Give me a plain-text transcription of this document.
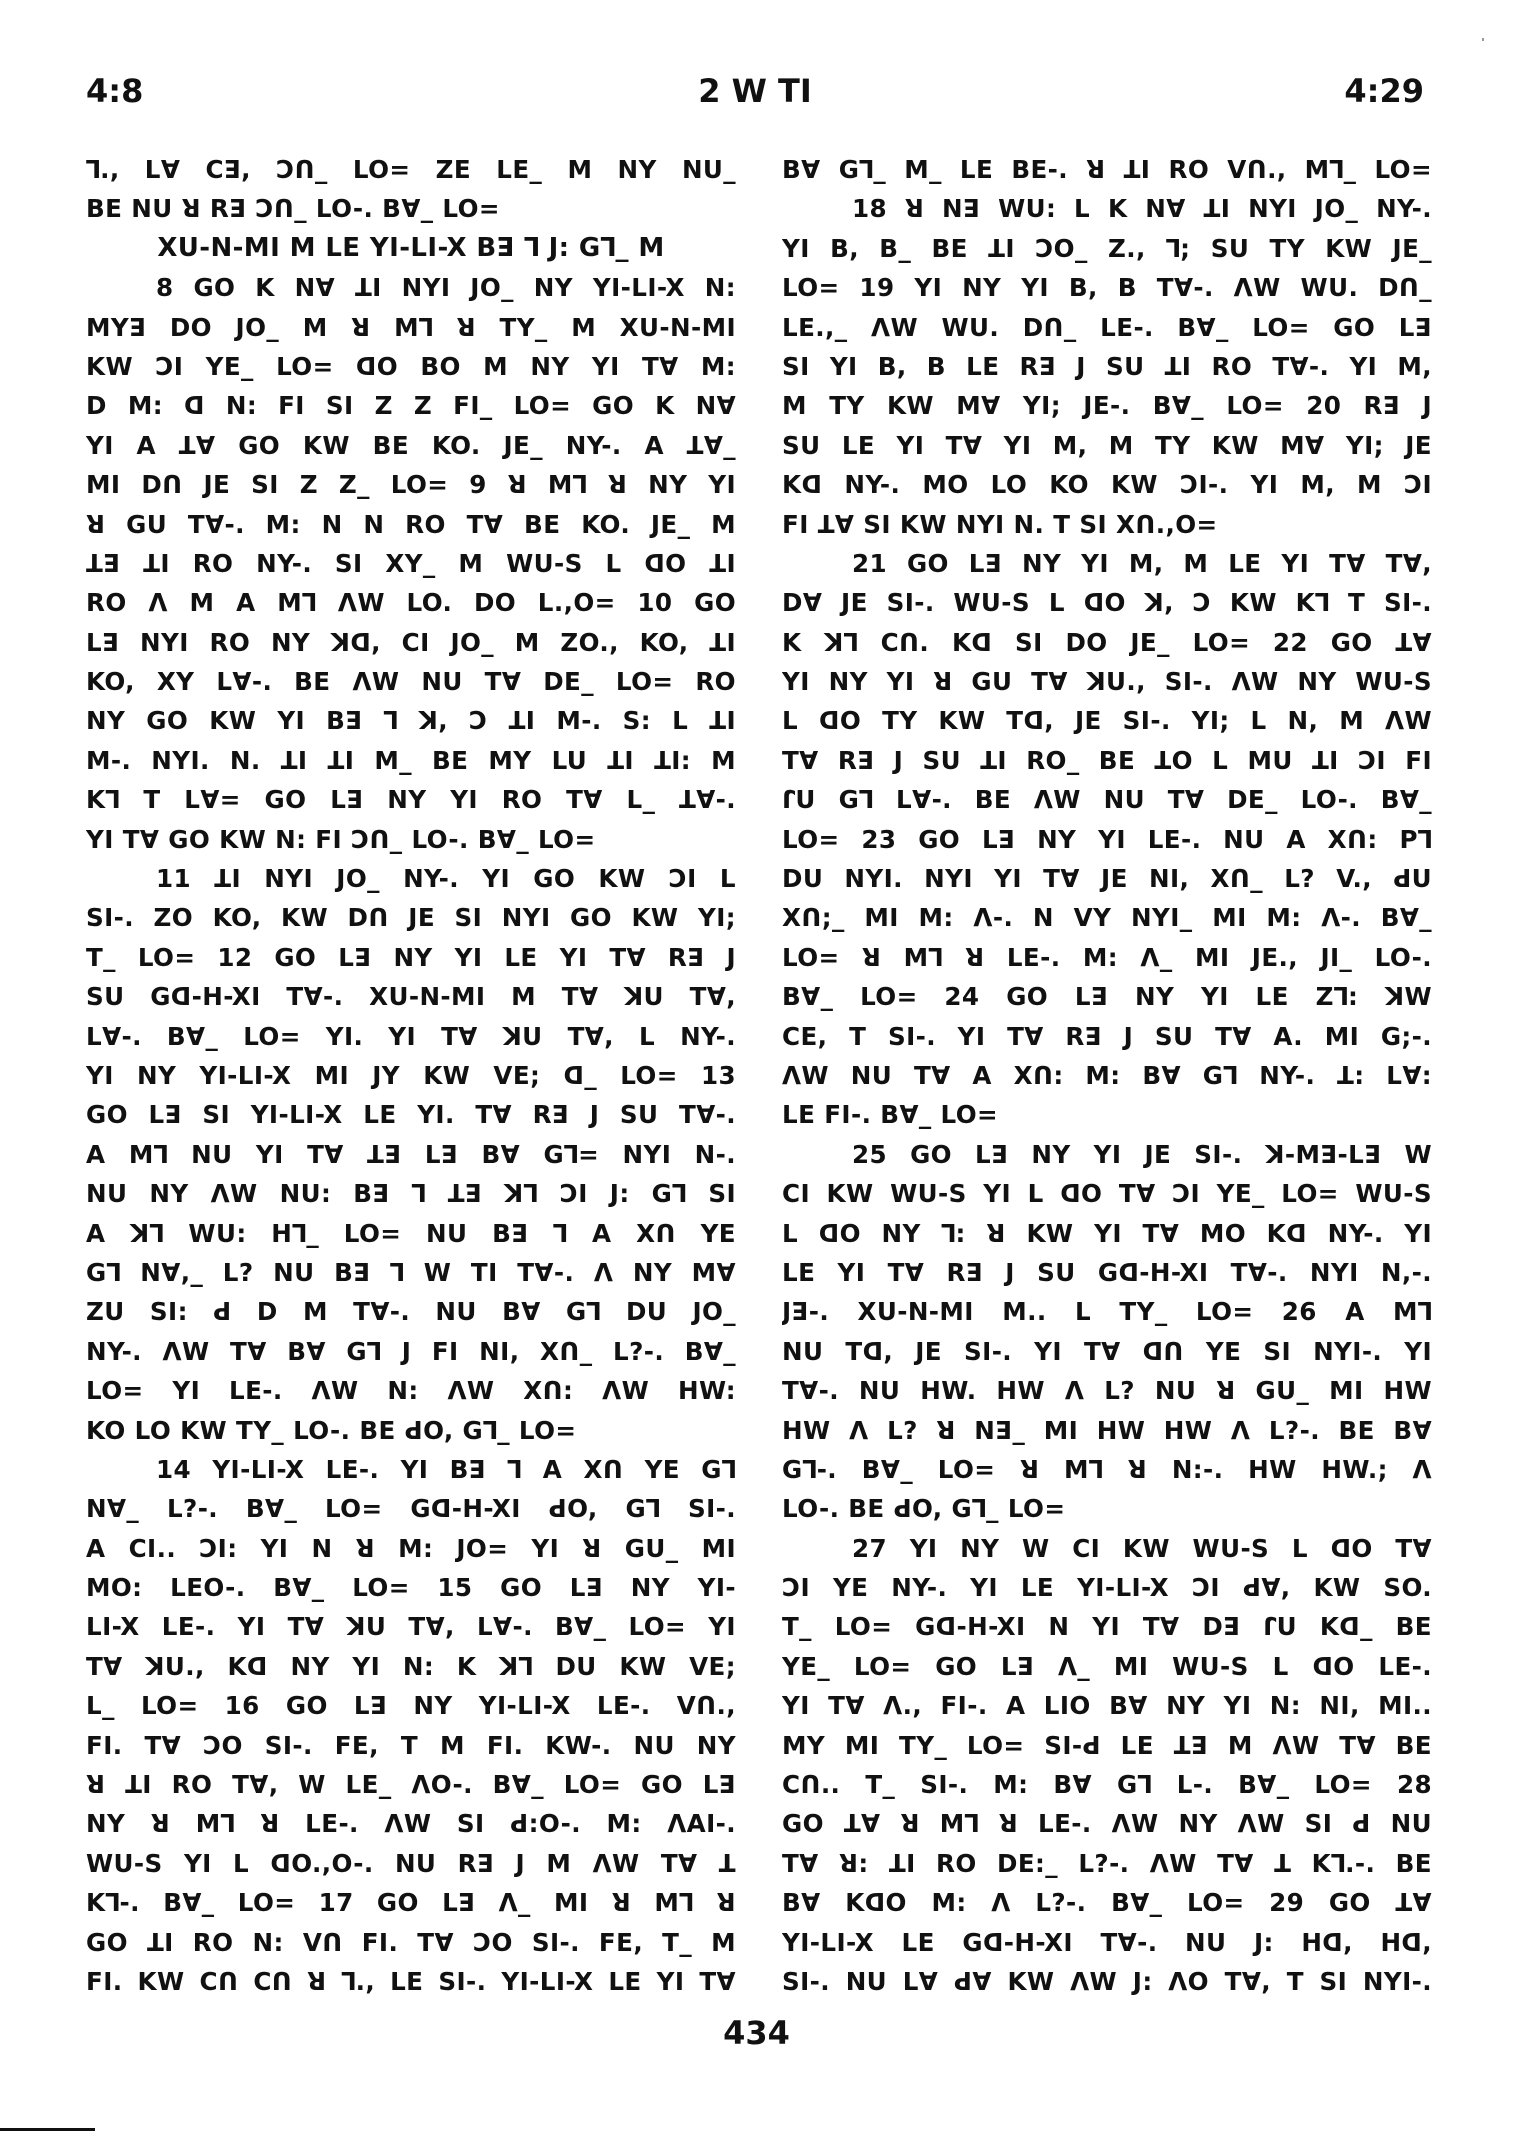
4:8	2 W TI	4:29
ꓶ., Lꓯ Cꓱ, Ↄꓵ_ LO= ZE LE_ M NY NU_
BE NU ꓤ Rꓱ Ↄꓵ_ LO-. Bꓯ_ LO=
XU-N-MI M LE YI-LI-X Bꓱ ꓶ J: Gꓶ_ M
8 GO K Nꓯ ꓕI NYI JO_ NY YI-LI-X N:
MYꓱ ꓓO JO_ M ꓤ Mꓶ ꓤ TY_ M XU-N-MI
KW ↃI YE_ LO= ꓷO BO M NY YI Tꓯ M:
D M: ꓷ N: FI SI Z Z FI_ LO= GO K Nꓯ
YI A ꓕꓯ GO KW BE KO. JE_ NY-. A ꓕꓯ_
MI Dꓵ JE SI Z Z_ LO= 9 ꓤ Mꓶ ꓤ NY YI
ꓤ GU Tꓯ-. M: N N RO Tꓯ BE KO. JE_ M
ꓕꓱ ꓕI RO NY-. SI XY_ M WU-S L ꓷO ꓕI
RO Λ M A Mꓶ ΛW LO. DO L.,O= 10 GO
Lꓱ NYI RO NY ꓘꓷ, CI JO_ M ZO., KO, ꓕI
KO, XY Lꓯ-. BE ΛW NU Tꓯ DE_ LO= RO
NY GO KW YI Bꓱ ꓶ ꓘ, Ↄ ꓕI M-. S: L ꓕI
M-. NYI. N. ꓕI ꓕI M_ BE MY LU ꓕI ꓕI: M
Kꓶ T Lꓯ= GO Lꓱ NY YI RO Tꓯ L_ ꓕꓯ-.
YI Tꓯ GO KW N: FI Ↄꓵ_ LO-. Bꓯ_ LO=
11 ꓕI NYI JO_ NY-. YI GO KW ↃI L
SI-. ZO KO, KW Dꓵ JE SI NYI GO KW YI;
T_ LO= 12 GO Lꓱ NY YI LE YI Tꓯ Rꓱ J
SU Gꓷ-H-XI Tꓯ-. XU-N-MI M Tꓯ ꓘU Tꓯ,
Lꓯ-. Bꓯ_ LO= YI. YI Tꓯ ꓘU Tꓯ, L NY-.
YI NY YI-LI-X MI JY KW VE; ꓷ_ LO= 13
GO Lꓱ SI YI-LI-X LE YI. Tꓯ Rꓱ J SU Tꓯ-.
A Mꓶ NU YI Tꓯ ꓕꓱ Lꓱ Bꓯ Gꓶ= NYI N-.
NU NY ΛW NU: Bꓱ ꓶ ꓕꓱ ꓘꓶ ↃI J: Gꓶ SI
A ꓘꓶ WU: Hꓶ_ LO= NU Bꓱ ꓶ A Xꓵ YE
Gꓶ Nꓯ,_ L? NU Bꓱ ꓶ W TI Tꓯ-. Λ NY Mꓯ
ZU SI: ꓒ D M Tꓯ-. NU Bꓯ Gꓶ DU JO_
NY-. ΛW Tꓯ Bꓯ Gꓶ J FI NI, Xꓵ_ L?-. Bꓯ_
LO= YI LE-. ΛW N: ΛW Xꓵ: ΛW HW:
KO LO KW TY_ LO-. BE ꓒO, Gꓶ_ LO=
14 YI-LI-X LE-. YI Bꓱ ꓶ A Xꓵ YE Gꓶ
Nꓯ_ L?-. Bꓯ_ LO= Gꓷ-H-XI ꓒO, Gꓶ SI-.
A CI.. ↃI: YI N ꓤ M: JO= YI ꓤ GU_ MI
MO: LEO-. Bꓯ_ LO= 15 GO Lꓱ NY YI-
LI-X LE-. YI Tꓯ ꓘU Tꓯ, Lꓯ-. Bꓯ_ LO= YI
Tꓯ ꓘU., Kꓷ NY YI N: K ꓘꓶ DU KW VE;
L_ LO= 16 GO Lꓱ NY YI-LI-X LE-. Vꓵ.,
FI. Tꓯ ↃO SI-. FE, T M FI. KW-. NU NY
ꓤ ꓕI RO Tꓯ, W LE_ ΛO-. Bꓯ_ LO= GO Lꓱ
NY ꓤ Mꓶ ꓤ LE-. ΛW SI ꓒ:O-. M: ΛAI-.
WU-S YI L ꓷO.,O-. NU Rꓱ J M ΛW Tꓯ ꓕ
Kꓶ-. Bꓯ_ LO= 17 GO Lꓱ Λ_ MI ꓤ Mꓶ ꓤ
GO ꓕI RO N: Vꓵ FI. Tꓯ ↃO SI-. FE, T_ M
FI. KW Cꓵ Cꓵ ꓤ ꓶ., LE SI-. YI-LI-X LE YI Tꓯ
Bꓯ Gꓶ_ M_ LE BE-. ꓤ ꓕI RO Vꓵ., Mꓶ_ LO=
18 ꓤ Nꓱ WU: L K Nꓯ ꓕI NYI JO_ NY-.
YI B, B_ BE ꓕI ↃO_ Z., ꓶ; SU TY KW JE_
LO= 19 YI NY YI B, B Tꓯ-. ΛW WU. Dꓵ_
LE.,_ ΛW WU. Dꓵ_ LE-. Bꓯ_ LO= GO Lꓱ
SI YI B, B LE Rꓱ J SU ꓕI RO Tꓯ-. YI M,
M TY KW Mꓯ YI; JE-. Bꓯ_ LO= 20 Rꓱ J
SU LE YI Tꓯ YI M, M TY KW Mꓯ YI; JE
Kꓷ NY-. MO LO KO KW ↃI-. YI M, M ↃI
FI ꓕꓯ SI KW NYI N. T SI Xꓵ.,O=
21 GO Lꓱ NY YI M, M LE YI Tꓯ Tꓯ,
Dꓯ JE SI-. WU-S L ꓷO ꓘ, Ↄ KW Kꓶ T SI-.
K ꓘꓶ Cꓵ. Kꓷ SI DO JE_ LO= 22 GO ꓕꓯ
YI NY YI ꓤ GU Tꓯ ꓘU., SI-. ΛW NY WU-S
L ꓷO TY KW Tꓷ, JE SI-. YI; L N, M ΛW
Tꓯ Rꓱ J SU ꓕI RO_ BE ꓕO L MU ꓕI ↃI FI
ꓩU Gꓶ Lꓯ-. BE ΛW NU Tꓯ DE_ LO-. Bꓯ_
LO= 23 GO Lꓱ NY YI LE-. NU A Xꓵ: Pꓶ
DU NYI. NYI YI Tꓯ JE NI, Xꓵ_ L? V., ꓒU
Xꓵ;_ MI M: Λ-. N VY NYI_ MI M: Λ-. Bꓯ_
LO= ꓤ Mꓶ ꓤ LE-. M: Λ_ MI JE., JI_ LO-.
Bꓯ_ LO= 24 GO Lꓱ NY YI LE Zꓶ: ꓘW
CE, T SI-. YI Tꓯ Rꓱ J SU Tꓯ A. MI G;-.
ΛW NU Tꓯ A Xꓵ: M: Bꓯ Gꓶ NY-. ꓕ: Lꓯ:
LE FI-. Bꓯ_ LO=
25 GO Lꓱ NY YI JE SI-. ꓘ-Mꓱ-Lꓱ W
CI KW WU-S YI L ꓷO Tꓯ ↃI YE_ LO= WU-S
L ꓷO NY ꓶ: ꓤ KW YI Tꓯ MO Kꓷ NY-. YI
LE YI Tꓯ Rꓱ J SU Gꓷ-H-XI Tꓯ-. NYI N,-.
Jꓱ-. XU-N-MI M.. L TY_ LO= 26 A Mꓶ
NU Tꓷ, JE SI-. YI Tꓯ ꓷꓵ YE SI NYI-. YI
Tꓯ-. NU HW. HW Λ L? NU ꓤ GU_ MI HW
HW Λ L? ꓤ Nꓱ_ MI HW HW Λ L?-. BE Bꓯ
Gꓶ-. Bꓯ_ LO= ꓤ Mꓶ ꓤ N:-. HW HW.; Λ
LO-. BE ꓒO, Gꓶ_ LO=
27 YI NY W CI KW WU-S L ꓷO Tꓯ
ↃI YE NY-. YI LE YI-LI-X ↃI ꓒꓯ, KW SO.
T_ LO= Gꓷ-H-XI N YI Tꓯ Dꓱ ꓩU Kꓷ_ BE
YE_ LO= GO Lꓱ Λ_ MI WU-S L ꓷO LE-.
YI Tꓯ Λ., FI-. A LIO Bꓯ NY YI N: NI, MI..
MY MI TY_ LO= SI-ꓒ LE ꓕꓱ M ΛW Tꓯ BE
Cꓵ.. T_ SI-. M: Bꓯ Gꓶ L-. Bꓯ_ LO= 28
GO ꓕꓯ ꓤ Mꓶ ꓤ LE-. ΛW NY ΛW SI ꓒ NU
Tꓯ ꓤ: ꓕI RO DE:_ L?-. ΛW Tꓯ ꓕ Kꓶ.-. BE
Bꓯ KꓷO M: Λ L?-. Bꓯ_ LO= 29 GO ꓕꓯ
YI-LI-X LE Gꓷ-H-XI Tꓯ-. NU J: Hꓷ, Hꓷ,
SI-. NU Lꓯ ꓒꓯ KW ΛW J: ΛO Tꓯ, T SI NYI-.
434
